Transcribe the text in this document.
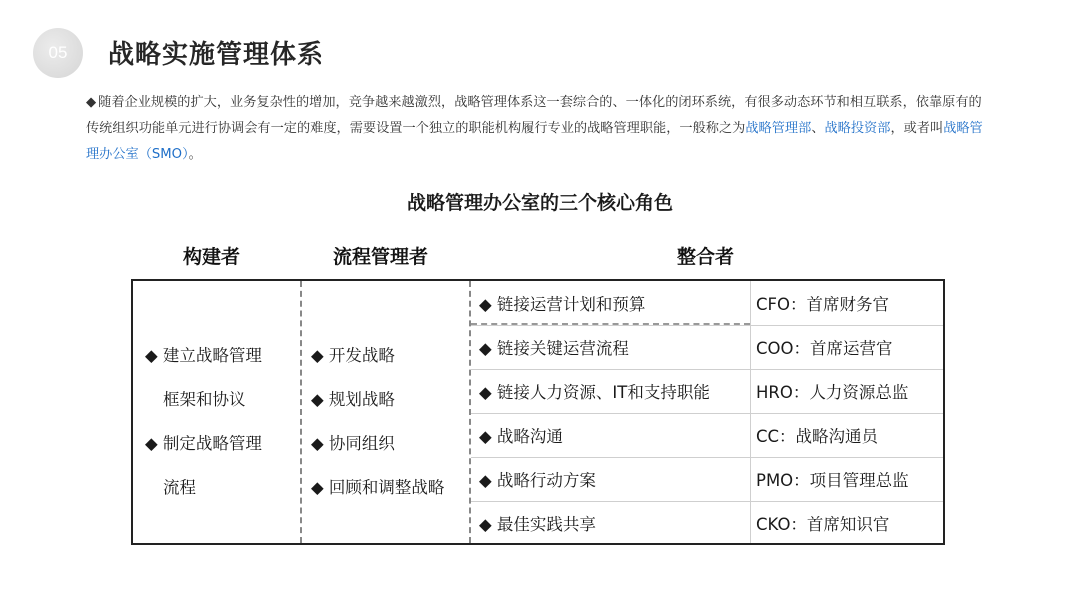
05	战略实施管理体系
◆ 随着企业规模的扩大，业务复杂性的增加，竞争越来越激烈，战略管理体系这一套综合的、一体化的闭环系统，有很多动态环节和相互联系，依靠原有的传统组织功能单元进行协调会有一定的难度，需要设置一个独立的职能机构履行专业的战略管理职能，一般称之为战略管理部、战略投资部，或者叫战略管理办公室（SMO）。
战略管理办公室的三个核心角色
构建者	流程管理者	整合者
◆ 建立战略管理
框架和协议
◆ 制定战略管理
流程
◆ 开发战略
◆ 规划战略
◆ 协同组织
◆ 回顾和调整战略
◆ 链接运营计划和预算	CFO：首席财务官
◆ 链接关键运营流程	COO：首席运营官
◆ 链接人力资源、IT和支持职能	HRO：人力资源总监
◆ 战略沟通	CC：战略沟通员
◆ 战略行动方案	PMO：项目管理总监
◆ 最佳实践共享	CKO：首席知识官
